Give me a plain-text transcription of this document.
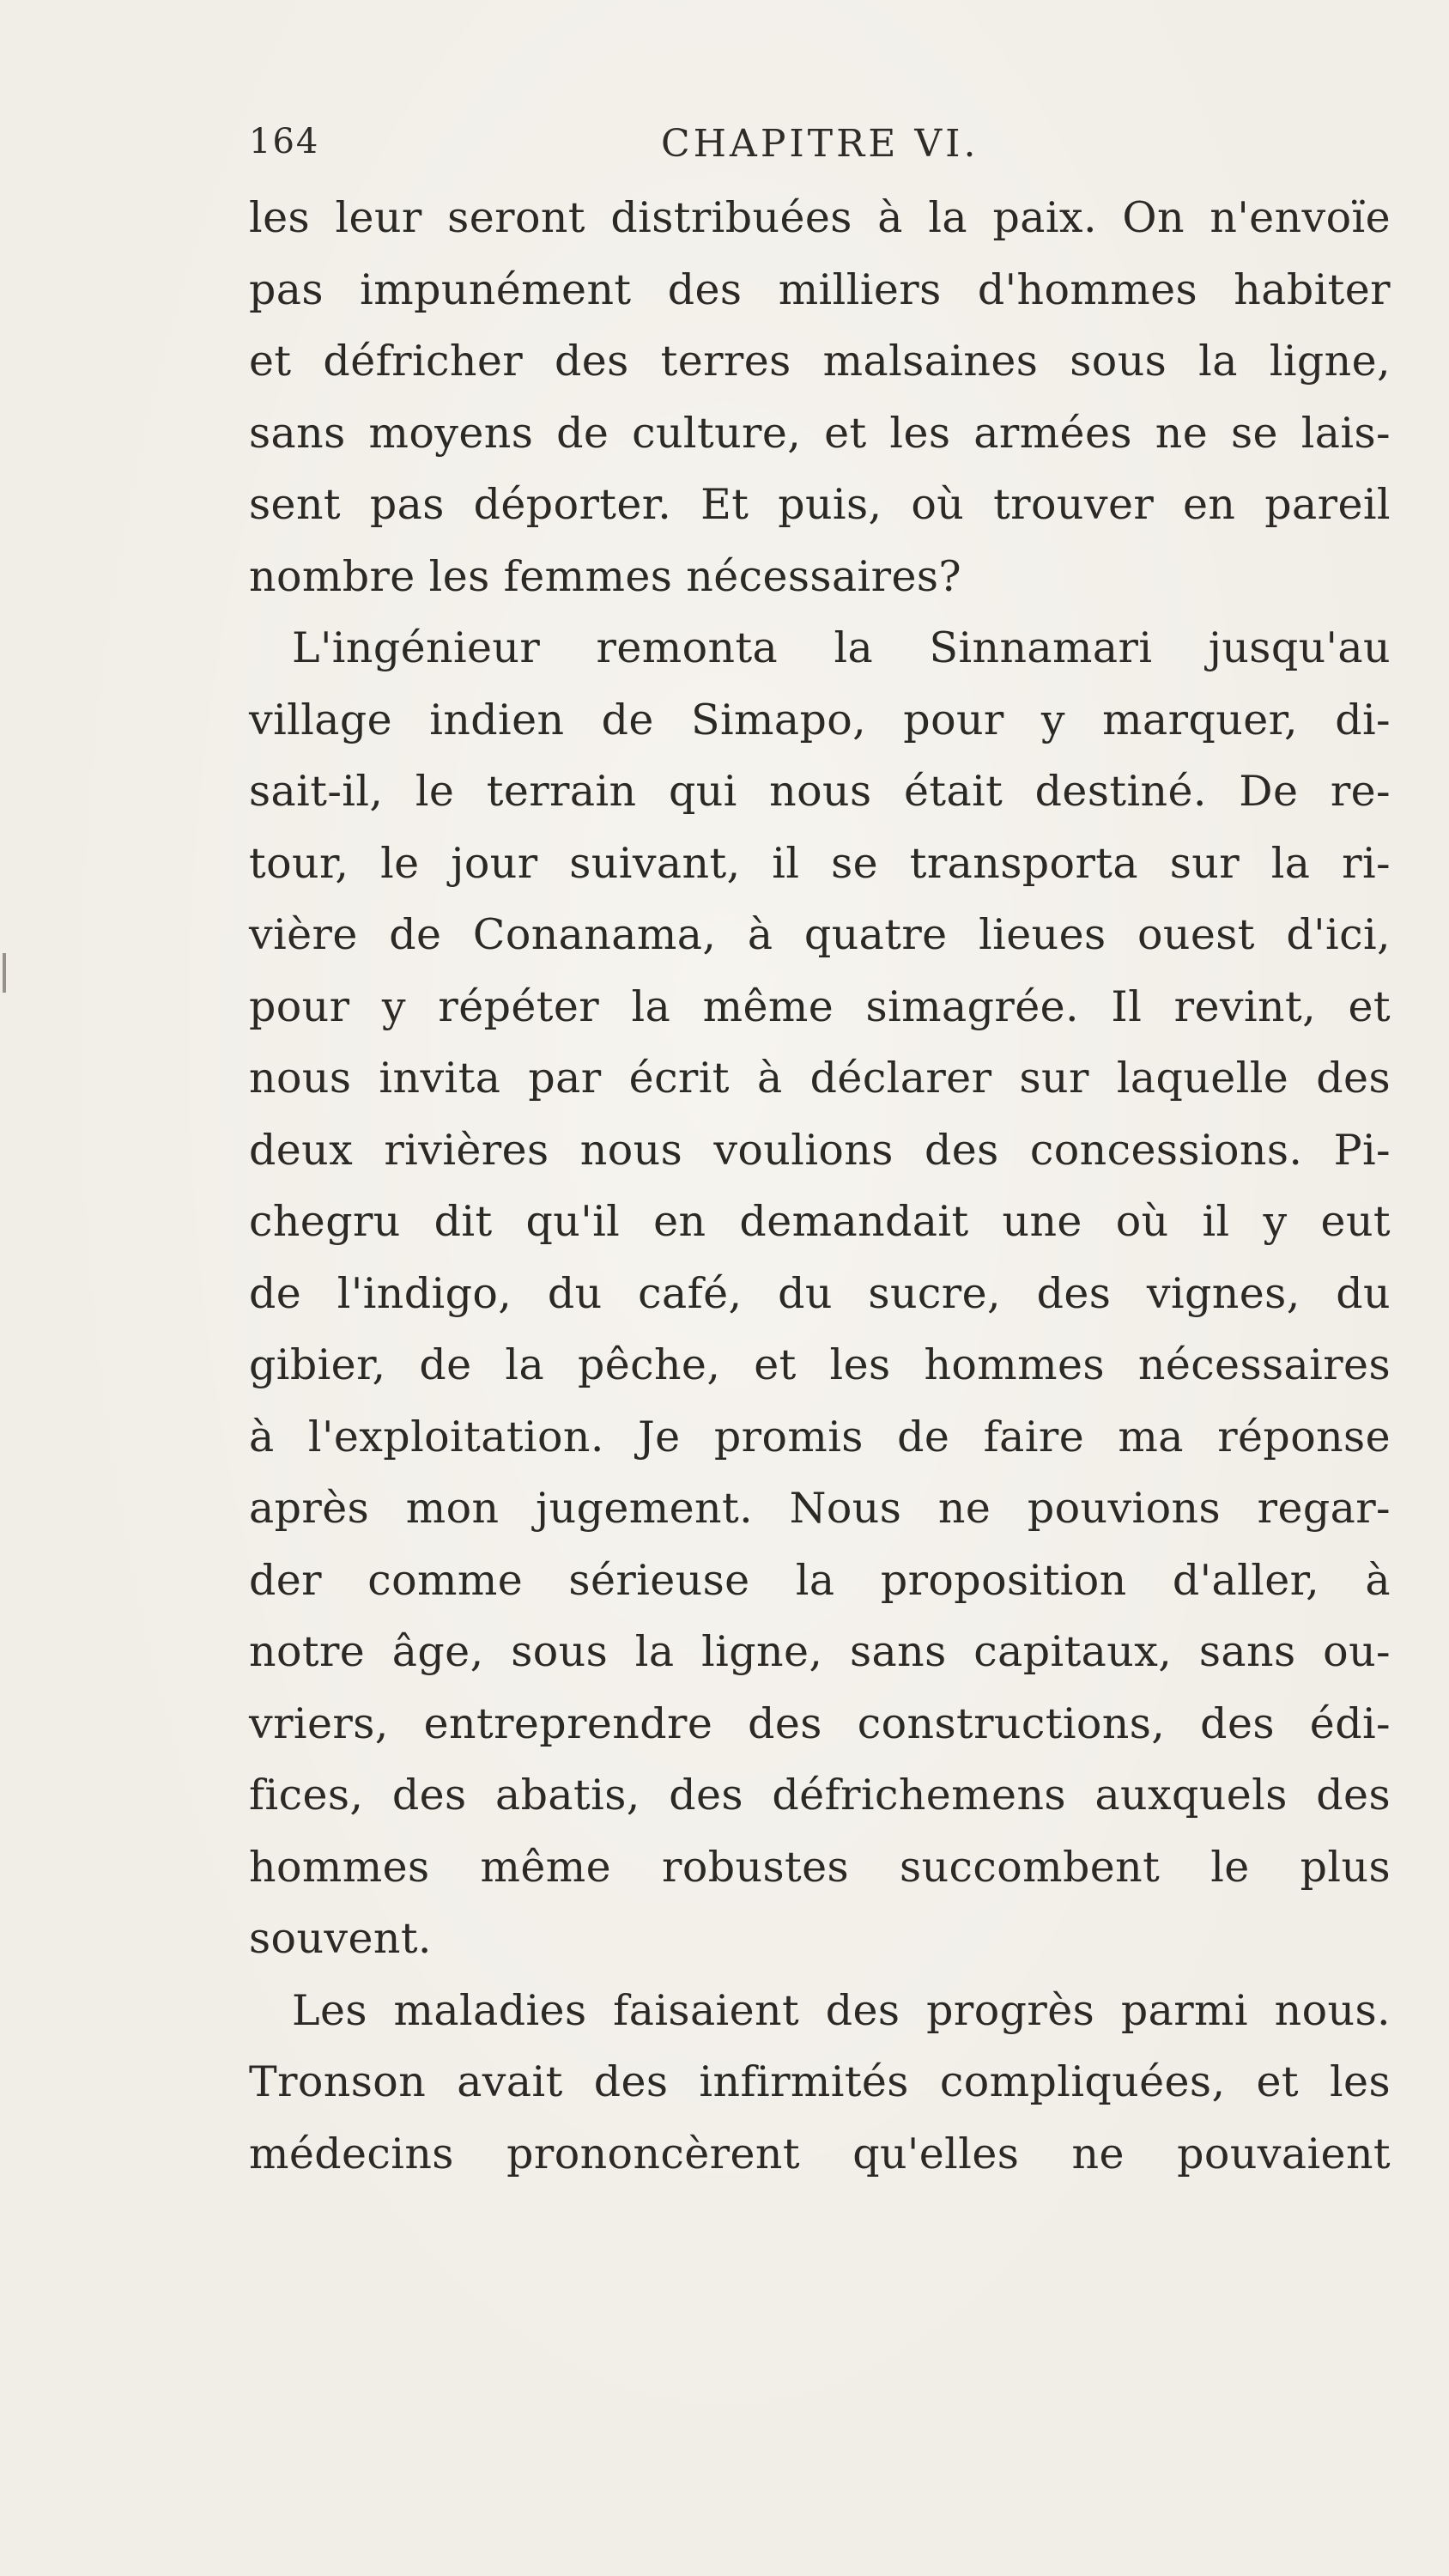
164	CHAPITRE VI.
les leur seront distribuées à la paix. On n'envoïe
pas impunément des milliers d'hommes habiter
et défricher des terres malsaines sous la ligne,
sans moyens de culture, et les armées ne se lais-
sent pas déporter. Et puis, où trouver en pareil
nombre les femmes nécessaires?
L'ingénieur remonta la Sinnamari jusqu'au
village indien de Simapo, pour y marquer, di-
sait-il, le terrain qui nous était destiné. De re-
tour, le jour suivant, il se transporta sur la ri-
vière de Conanama, à quatre lieues ouest d'ici,
pour y répéter la même simagrée. Il revint, et
nous invita par écrit à déclarer sur laquelle des
deux rivières nous voulions des concessions. Pi-
chegru dit qu'il en demandait une où il y eut
de l'indigo, du café, du sucre, des vignes, du
gibier, de la pêche, et les hommes nécessaires
à l'exploitation. Je promis de faire ma réponse
après mon jugement. Nous ne pouvions regar-
der comme sérieuse la proposition d'aller, à
notre âge, sous la ligne, sans capitaux, sans ou-
vriers, entreprendre des constructions, des édi-
fices, des abatis, des défrichemens auxquels des
hommes même robustes succombent le plus
souvent.
Les maladies faisaient des progrès parmi nous.
Tronson avait des infirmités compliquées, et les
médecins prononcèrent qu'elles ne pouvaient
